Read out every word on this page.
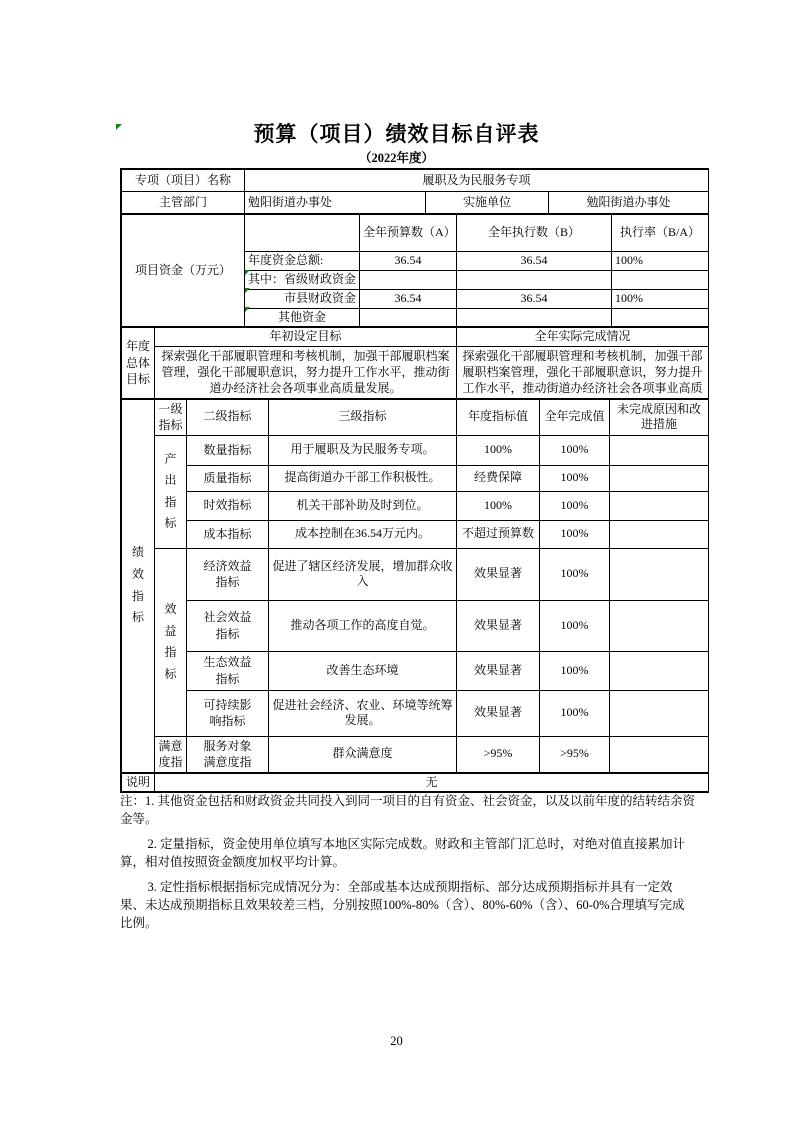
预算（项目）绩效目标自评表
（2022年度）
专项（项目）名称	履职及为民服务专项		
主管部门	勉阳街道办事处	实施单位	勉阳街道办事处
项目资金（万元）		全年预算数（A）	全年执行数（B）	执行率（B/A）
	年度资金总额:	36.54	36.54	100%
	其中：省级财政资金			
	市县财政资金	36.54	36.54	100%
	其他资金			
年度总体目标	年初设定目标	全年实际完成情况
	探索强化干部履职管理和考核机制，加强干部履职档案管理，强化干部履职意识，努力提升工作水平，推动街道办经济社会各项事业高质量发展。	探索强化干部履职管理和考核机制，加强干部履职档案管理，强化干部履职意识，努力提升工作水平，推动街道办经济社会各项事业高质
绩效指标	一级指标	二级指标	三级指标	年度指标值	全年完成值	未完成原因和改进措施
	产出指标	数量指标	用于履职及为民服务专项。	100%	100%	
		质量指标	提高街道办干部工作积极性。	经费保障	100%	
		时效指标	机关干部补助及时到位。	100%	100%	
		成本指标	成本控制在36.54万元内。	不超过预算数	100%	
	效益指标	经济效益指标	促进了辖区经济发展，增加群众收入	效果显著	100%	
		社会效益指标	推动各项工作的高度自觉。	效果显著	100%	
		生态效益指标	改善生态环境	效果显著	100%	
		可持续影响指标	促进社会经济、农业、环境等统筹发展。	效果显著	100%	
	满意度指	服务对象满意度指	群众满意度	>95%	>95%	
说明	无

注：1. 其他资金包括和财政资金共同投入到同一项目的自有资金、社会资金，以及以前年度的结转结余资金等。

2. 定量指标，资金使用单位填写本地区实际完成数。财政和主管部门汇总时，对绝对值直接累加计算，相对值按照资金额度加权平均计算。

3. 定性指标根据指标完成情况分为：全部或基本达成预期指标、部分达成预期指标并具有一定效果、未达成预期指标且效果较差三档，分别按照100%-80%（含）、80%-60%（含）、60-0%合理填写完成比例。

20
